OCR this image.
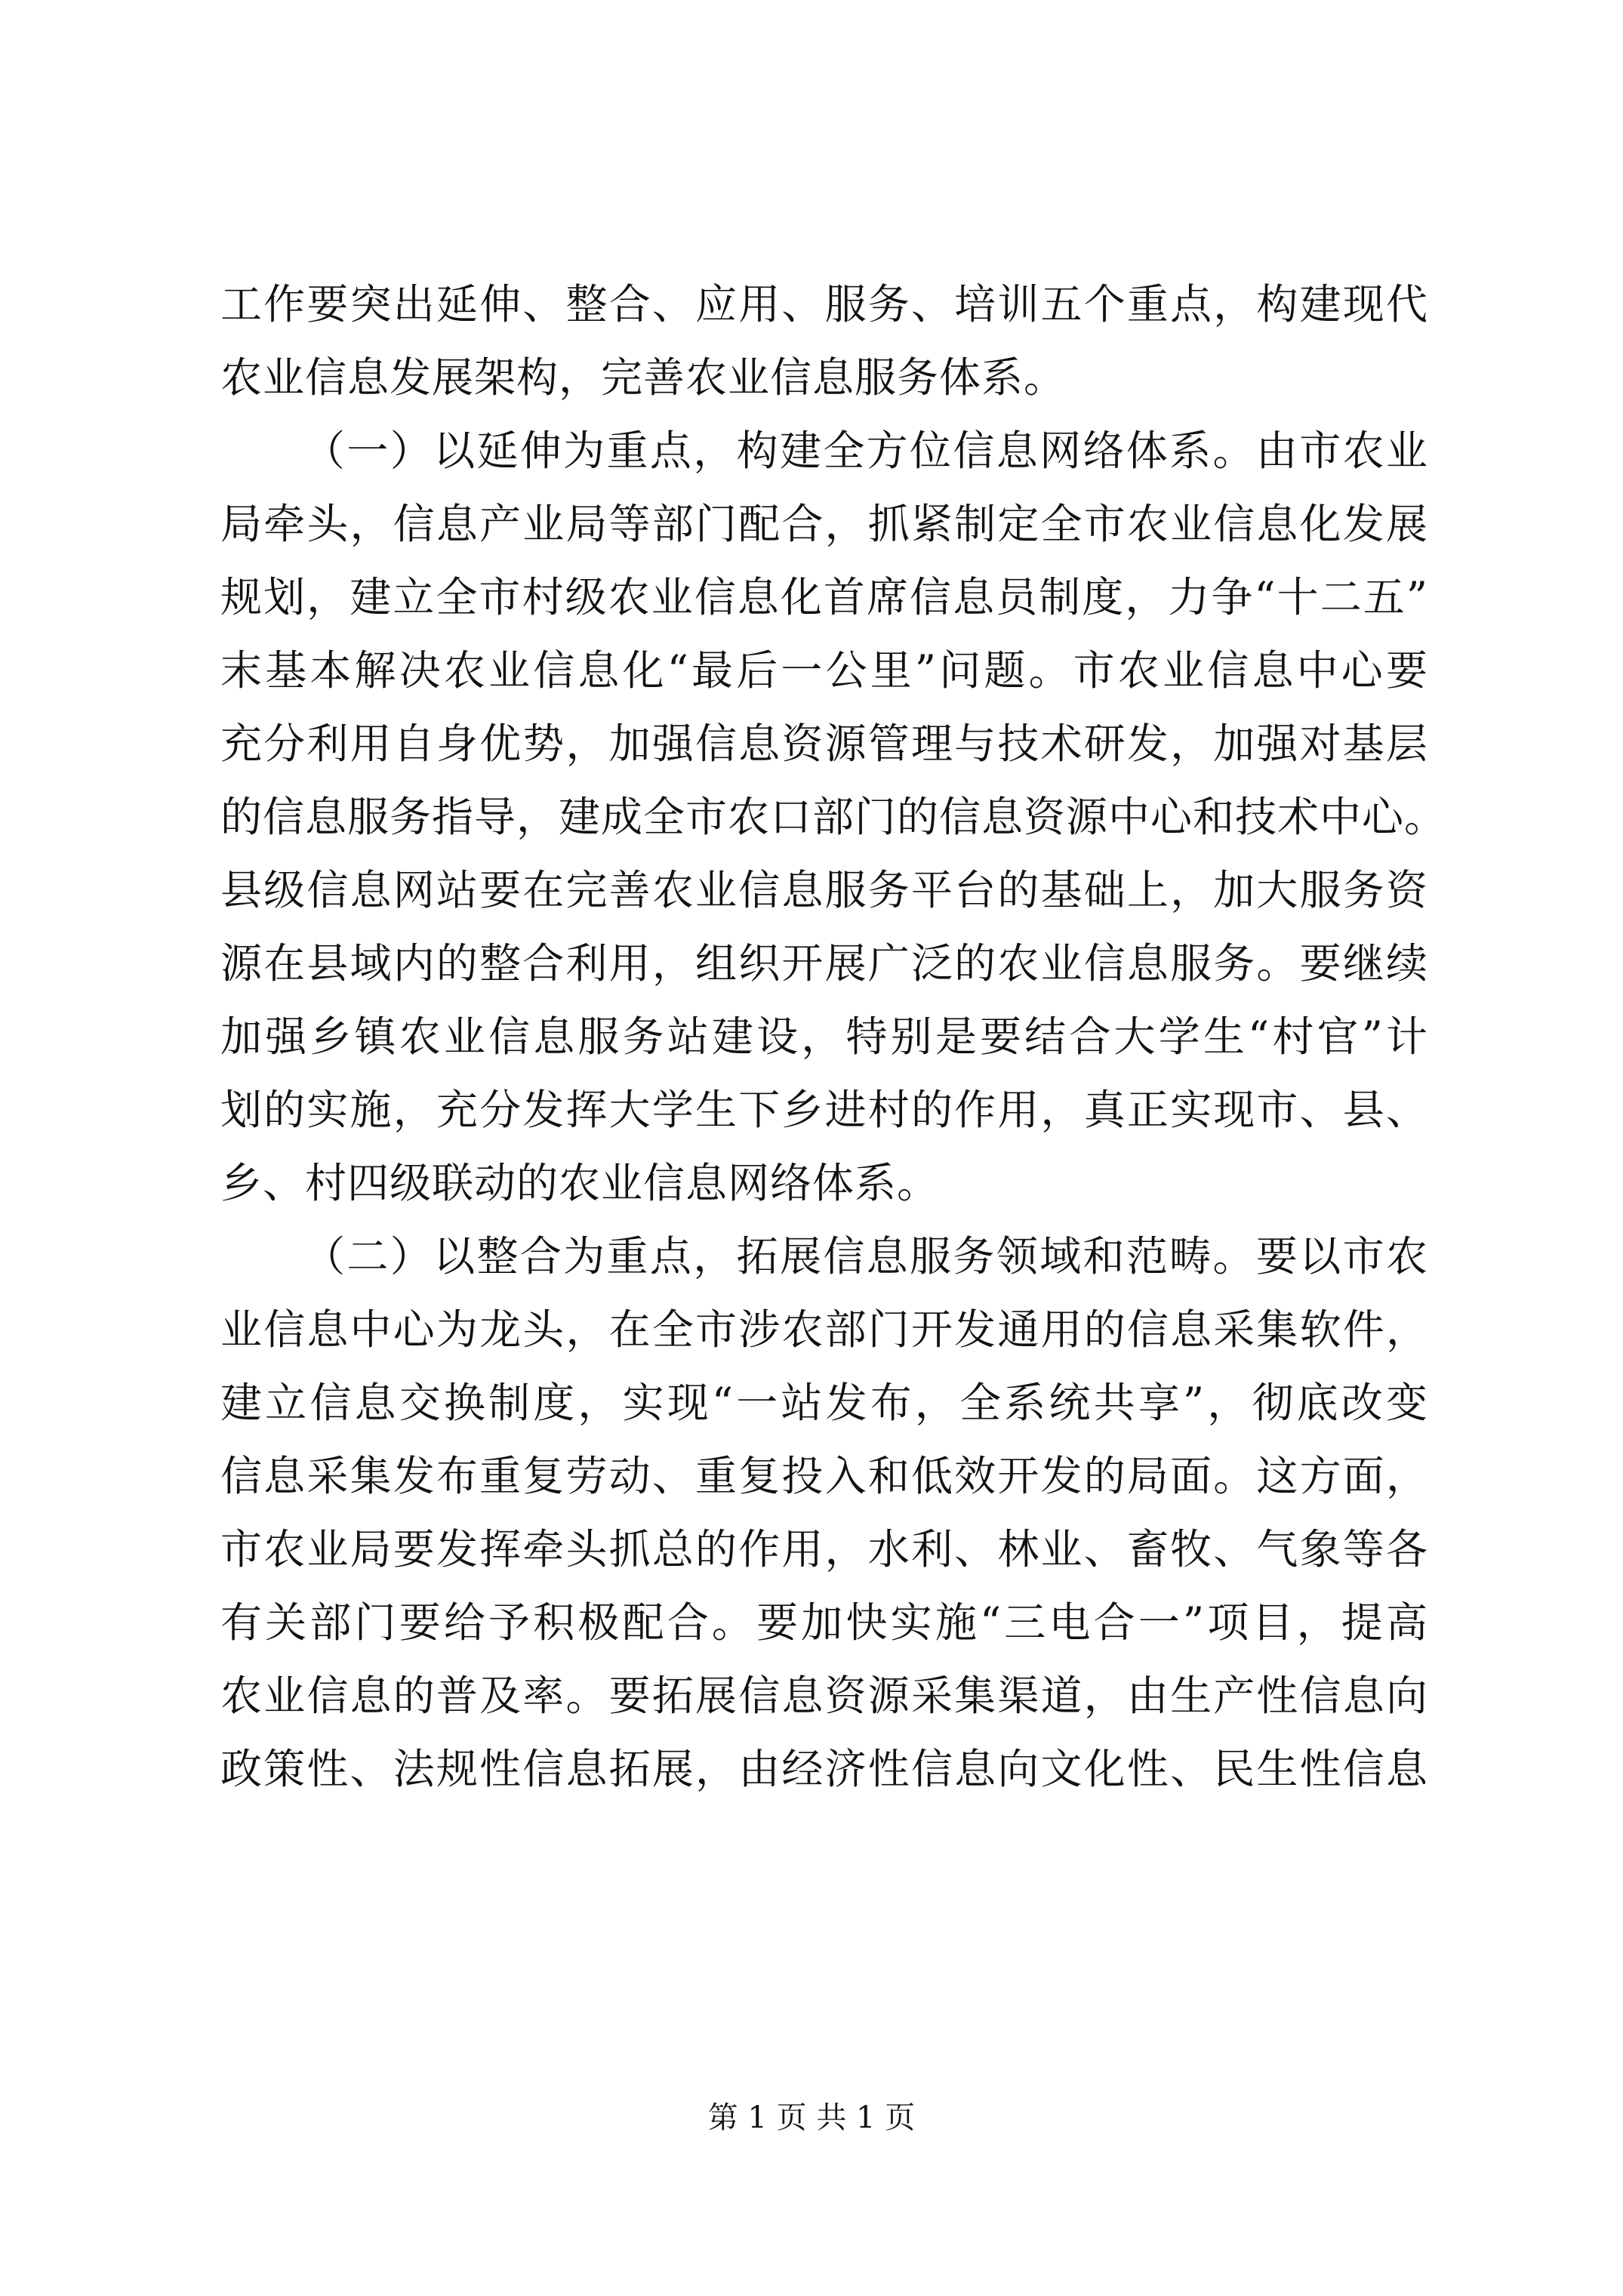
工作要突出延伸、整合、应用、服务、培训五个重点，构建现代
农业信息发展架构，完善农业信息服务体系。
（一）以延伸为重点，构建全方位信息网络体系。由市农业
局牵头，信息产业局等部门配合，抓紧制定全市农业信息化发展
规划，建立全市村级农业信息化首席信息员制度，力争“十二五”
末基本解决农业信息化“最后一公里”问题。市农业信息中心要
充分利用自身优势，加强信息资源管理与技术研发，加强对基层
的信息服务指导，建成全市农口部门的信息资源中心和技术中心。
县级信息网站要在完善农业信息服务平台的基础上，加大服务资
源在县域内的整合利用，组织开展广泛的农业信息服务。要继续
加强乡镇农业信息服务站建设，特别是要结合大学生“村官”计
划的实施，充分发挥大学生下乡进村的作用，真正实现市、县、
乡、村四级联动的农业信息网络体系。
（二）以整合为重点，拓展信息服务领域和范畴。要以市农
业信息中心为龙头，在全市涉农部门开发通用的信息采集软件，
建立信息交换制度，实现“一站发布，全系统共享”，彻底改变
信息采集发布重复劳动、重复投入和低效开发的局面。这方面，
市农业局要发挥牵头抓总的作用，水利、林业、畜牧、气象等各
有关部门要给予积极配合。要加快实施“三电合一”项目，提高
农业信息的普及率。要拓展信息资源采集渠道，由生产性信息向
政策性、法规性信息拓展，由经济性信息向文化性、民生性信息
第 1 页 共 1 页
